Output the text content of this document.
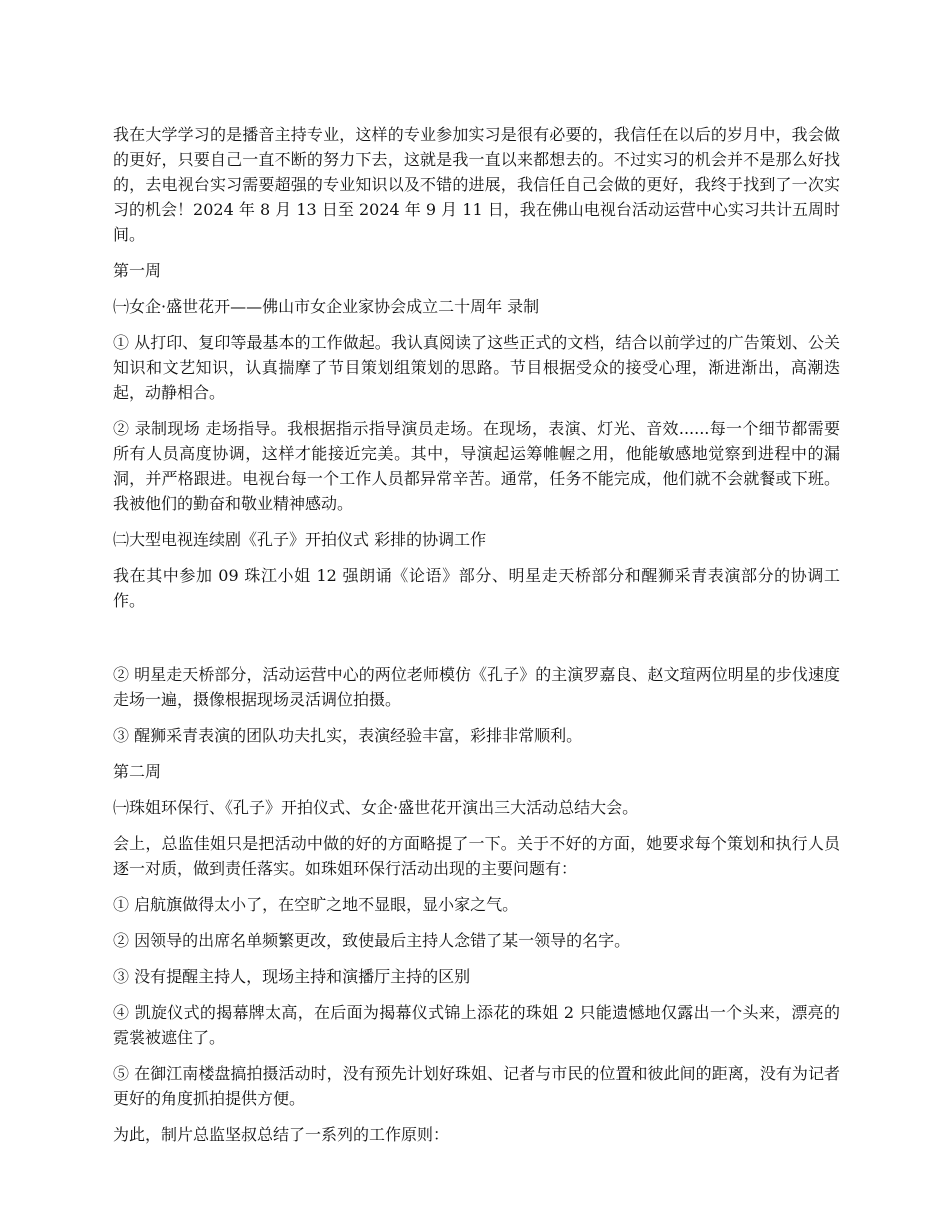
我在大学学习的是播音主持专业，这样的专业参加实习是很有必要的，我信任在以后的岁月中，我会做的更好，只要自己一直不断的努力下去，这就是我一直以来都想去的。不过实习的机会并不是那么好找的，去电视台实习需要超强的专业知识以及不错的进展，我信任自己会做的更好，我终于找到了一次实习的机会！2024 年 8 月 13 日至 2024 年 9 月 11 日，我在佛山电视台活动运营中心实习共计五周时间。

第一周

㈠女企·盛世花开——佛山市女企业家协会成立二十周年 录制

① 从打印、复印等最基本的工作做起。我认真阅读了这些正式的文档，结合以前学过的广告策划、公关知识和文艺知识，认真揣摩了节目策划组策划的思路。节目根据受众的接受心理，渐进渐出，高潮迭起，动静相合。

② 录制现场 走场指导。我根据指示指导演员走场。在现场，表演、灯光、音效......每一个细节都需要所有人员高度协调，这样才能接近完美。其中，导演起运筹帷幄之用，他能敏感地觉察到进程中的漏洞，并严格跟进。电视台每一个工作人员都异常辛苦。通常，任务不能完成，他们就不会就餐或下班。我被他们的勤奋和敬业精神感动。

㈡大型电视连续剧《孔子》开拍仪式 彩排的协调工作

我在其中参加 09 珠江小姐 12 强朗诵《论语》部分、明星走天桥部分和醒狮采青表演部分的协调工作。

② 明星走天桥部分，活动运营中心的两位老师模仿《孔子》的主演罗嘉良、赵文瑄两位明星的步伐速度走场一遍，摄像根据现场灵活调位拍摄。

③ 醒狮采青表演的团队功夫扎实，表演经验丰富，彩排非常顺利。

第二周

㈠珠姐环保行、《孔子》开拍仪式、女企·盛世花开演出三大活动总结大会。

会上，总监佳姐只是把活动中做的好的方面略提了一下。关于不好的方面，她要求每个策划和执行人员逐一对质，做到责任落实。如珠姐环保行活动出现的主要问题有：

① 启航旗做得太小了，在空旷之地不显眼，显小家之气。

② 因领导的出席名单频繁更改，致使最后主持人念错了某一领导的名字。

③ 没有提醒主持人，现场主持和演播厅主持的区别

④ 凯旋仪式的揭幕牌太高，在后面为揭幕仪式锦上添花的珠姐 2 只能遗憾地仅露出一个头来，漂亮的霓裳被遮住了。

⑤ 在御江南楼盘搞拍摄活动时，没有预先计划好珠姐、记者与市民的位置和彼此间的距离，没有为记者更好的角度抓拍提供方便。

为此，制片总监坚叔总结了一系列的工作原则：
